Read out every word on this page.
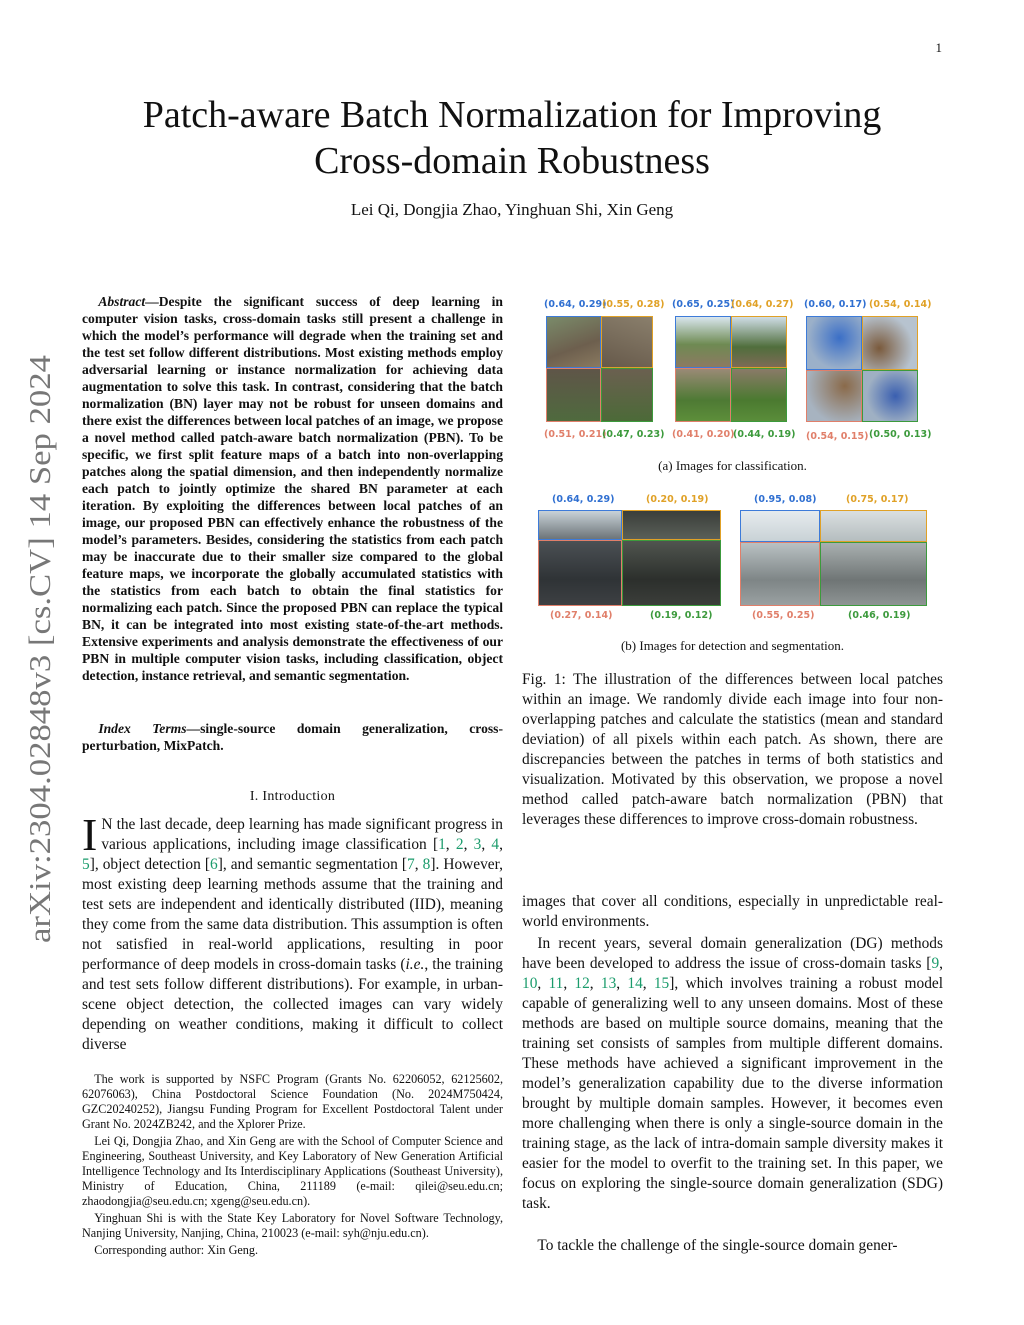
1
arXiv:2304.02848v3 [cs.CV] 14 Sep 2024
Patch-aware Batch Normalization for Improving
Cross-domain Robustness
Lei Qi, Dongjia Zhao, Yinghuan Shi, Xin Geng
Abstract—Despite the significant success of deep learning in computer vision tasks, cross-domain tasks still present a challenge in which the model’s performance will degrade when the training set and the test set follow different distributions. Most existing methods employ adversarial learning or instance normalization for achieving data augmentation to solve this task. In contrast, considering that the batch normalization (BN) layer may not be robust for unseen domains and there exist the differences between local patches of an image, we propose a novel method called patch-aware batch normalization (PBN). To be specific, we first split feature maps of a batch into non-overlapping patches along the spatial dimension, and then independently normalize each patch to jointly optimize the shared BN parameter at each iteration. By exploiting the differences between local patches of an image, our proposed PBN can effectively enhance the robustness of the model’s parameters. Besides, considering the statistics from each patch may be inaccurate due to their smaller size compared to the global feature maps, we incorporate the globally accumulated statistics with the statistics from each batch to obtain the final statistics for normalizing each patch. Since the proposed PBN can replace the typical BN, it can be integrated into most existing state-of-the-art methods. Extensive experiments and analysis demonstrate the effectiveness of our PBN in multiple computer vision tasks, including classification, object detection, instance retrieval, and semantic segmentation.
Index Terms—single-source domain generalization, cross-perturbation, MixPatch.
I. Introduction
I N the last decade, deep learning has made significant progress in various applications, including image classification [1, 2, 3, 4, 5], object detection [6], and semantic segmentation [7, 8]. However, most existing deep learning methods assume that the training and test sets are independent and identically distributed (IID), meaning they come from the same data distribution. This assumption is often not satisfied in real-world applications, resulting in poor performance of deep models in cross-domain tasks (i.e., the training and test sets follow different distributions). For example, in urban-scene object detection, the collected images can vary widely depending on weather conditions, making it difficult to collect diverse

The work is supported by NSFC Program (Grants No. 62206052, 62125602, 62076063), China Postdoctoral Science Foundation (No. 2024M750424, GZC20240252), Jiangsu Funding Program for Excellent Postdoctoral Talent under Grant No. 2024ZB242, and the Xplorer Prize.

Lei Qi, Dongjia Zhao, and Xin Geng are with the School of Computer Science and Engineering, Southeast University, and Key Laboratory of New Generation Artificial Intelligence Technology and Its Interdisciplinary Applications (Southeast University), Ministry of Education, China, 211189 (e-mail: qilei@seu.edu.cn; zhaodongjia@seu.edu.cn; xgeng@seu.edu.cn).

Yinghuan Shi is with the State Key Laboratory for Novel Software Technology, Nanjing University, Nanjing, China, 210023 (e-mail: syh@nju.edu.cn).

Corresponding author: Xin Geng.

(0.64, 0.29)
(0.55, 0.28)
(0.51, 0.21)
(0.47, 0.23)
(0.65, 0.25)
(0.64, 0.27)
(0.41, 0.20)
(0.44, 0.19)
(0.60, 0.17) (0.54, 0.14)
(0.54, 0.15) (0.50, 0.13)
(a) Images for classification.
(0.64, 0.29)	(0.20, 0.19)
(0.27, 0.14)	(0.19, 0.12)
(0.95, 0.08)	(0.75, 0.17)
(0.55, 0.25)	(0.46, 0.19)
(b) Images for detection and segmentation.
Fig. 1: The illustration of the differences between local patches within an image. We randomly divide each image into four non-overlapping patches and calculate the statistics (mean and standard deviation) of all pixels within each patch. As shown, there are discrepancies between the patches in terms of both statistics and visualization. Motivated by this observation, we propose a novel method called patch-aware batch normalization (PBN) that leverages these differences to improve cross-domain robustness.
images that cover all conditions, especially in unpredictable real-world environments.
In recent years, several domain generalization (DG) methods have been developed to address the issue of cross-domain tasks [9, 10, 11, 12, 13, 14, 15], which involves training a robust model capable of generalizing well to any unseen domains. Most of these methods are based on multiple source domains, meaning that the training set consists of samples from multiple different domains. These methods have achieved a significant improvement in the model’s generalization capability due to the diverse information brought by multiple domain samples. However, it becomes even more challenging when there is only a single-source domain in the training stage, as the lack of intra-domain sample diversity makes it easier for the model to overfit to the training set. In this paper, we focus on exploring the single-source domain generalization (SDG) task.
To tackle the challenge of the single-source domain gener-
